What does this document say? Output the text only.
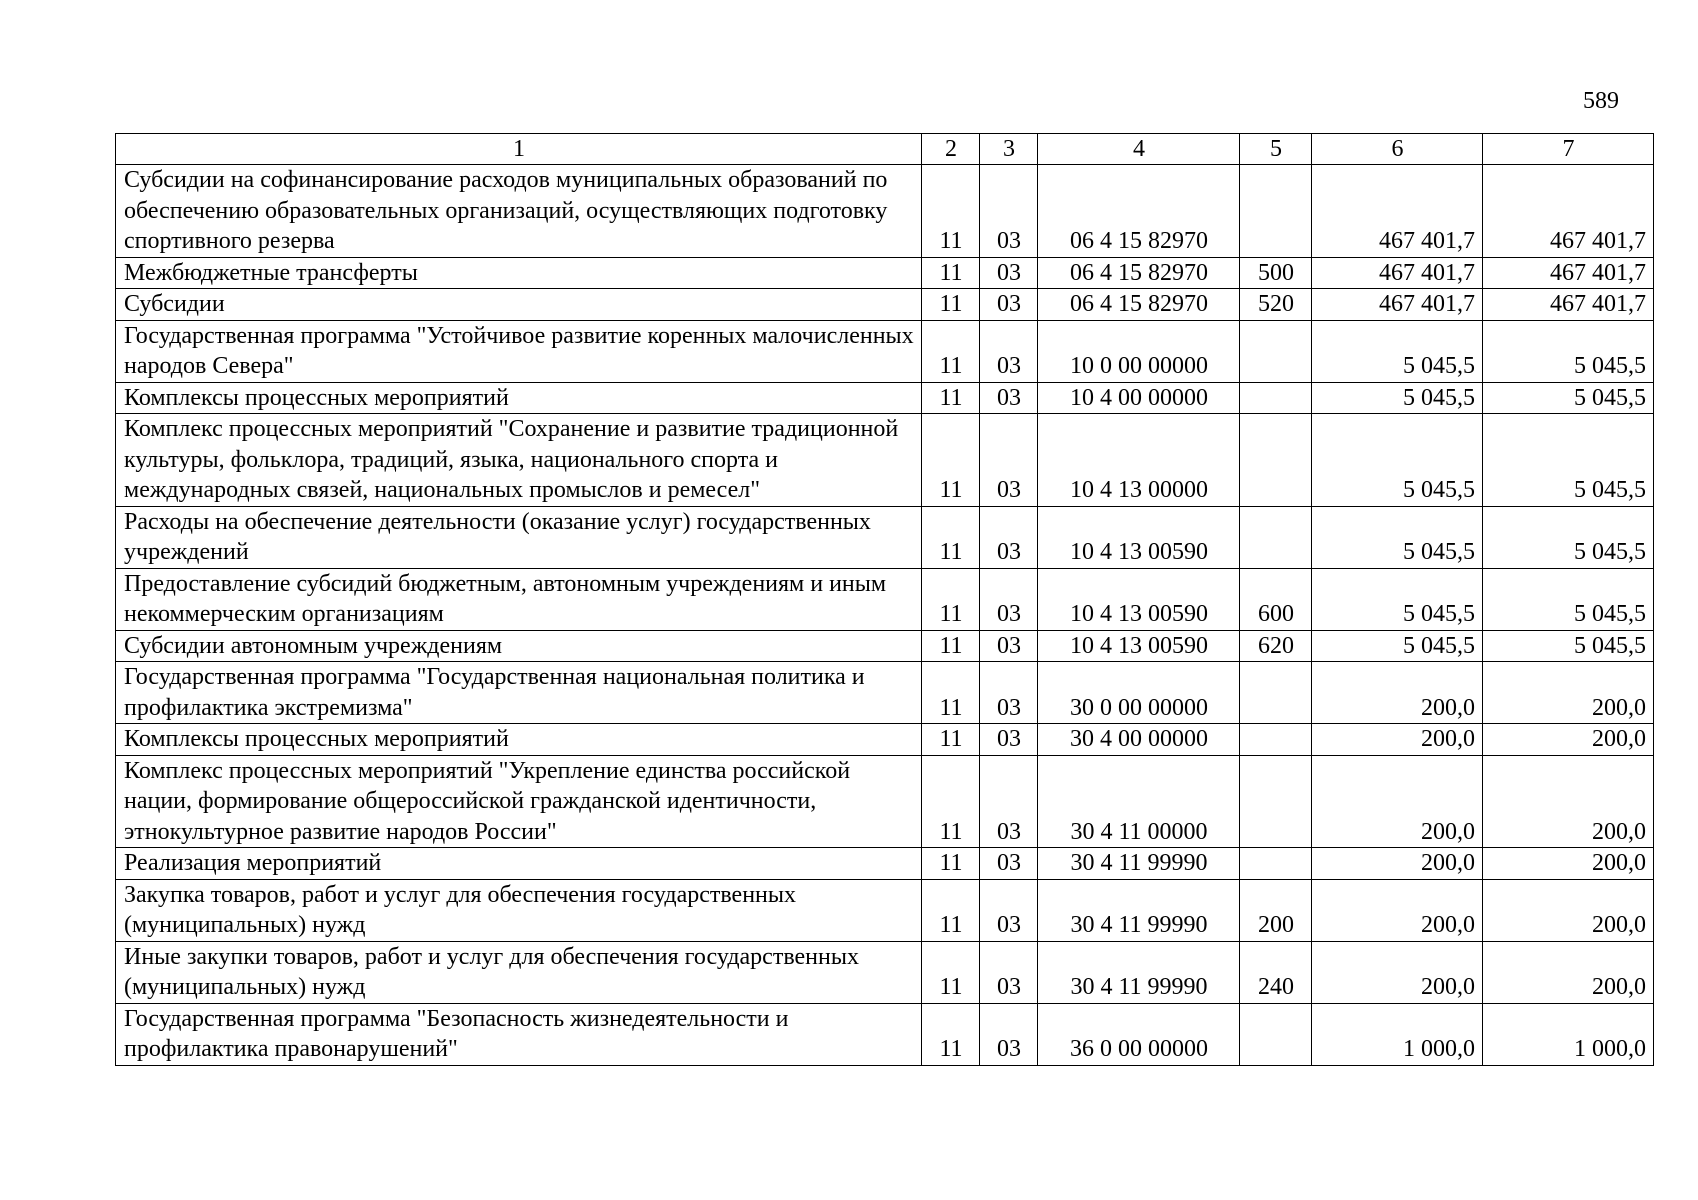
589
1	2	3	4	5	6	7
Субсидии на софинансирование расходов муниципальных образований по обеспечению образовательных организаций, осуществляющих подготовку спортивного резерва	11	03	06 4 15 82970		467 401,7	467 401,7
Межбюджетные трансферты	11	03	06 4 15 82970	500	467 401,7	467 401,7
Субсидии	11	03	06 4 15 82970	520	467 401,7	467 401,7
Государственная программа "Устойчивое развитие коренных малочисленных народов Севера"	11	03	10 0 00 00000		5 045,5	5 045,5
Комплексы процессных мероприятий	11	03	10 4 00 00000		5 045,5	5 045,5
Комплекс процессных мероприятий "Сохранение и развитие традиционной культуры, фольклора, традиций, языка, национального спорта и международных связей, национальных промыслов и ремесел"	11	03	10 4 13 00000		5 045,5	5 045,5
Расходы на обеспечение деятельности (оказание услуг) государственных учреждений	11	03	10 4 13 00590		5 045,5	5 045,5
Предоставление субсидий бюджетным, автономным учреждениям и иным некоммерческим организациям	11	03	10 4 13 00590	600	5 045,5	5 045,5
Субсидии автономным учреждениям	11	03	10 4 13 00590	620	5 045,5	5 045,5
Государственная программа "Государственная национальная политика и профилактика экстремизма"	11	03	30 0 00 00000		200,0	200,0
Комплексы процессных мероприятий	11	03	30 4 00 00000		200,0	200,0
Комплекс процессных мероприятий "Укрепление единства российской нации, формирование общероссийской гражданской идентичности, этнокультурное развитие народов России"	11	03	30 4 11 00000		200,0	200,0
Реализация мероприятий	11	03	30 4 11 99990		200,0	200,0
Закупка товаров, работ и услуг для обеспечения государственных (муниципальных) нужд	11	03	30 4 11 99990	200	200,0	200,0
Иные закупки товаров, работ и услуг для обеспечения государственных (муниципальных) нужд	11	03	30 4 11 99990	240	200,0	200,0
Государственная программа "Безопасность жизнедеятельности и профилактика правонарушений"	11	03	36 0 00 00000		1 000,0	1 000,0
